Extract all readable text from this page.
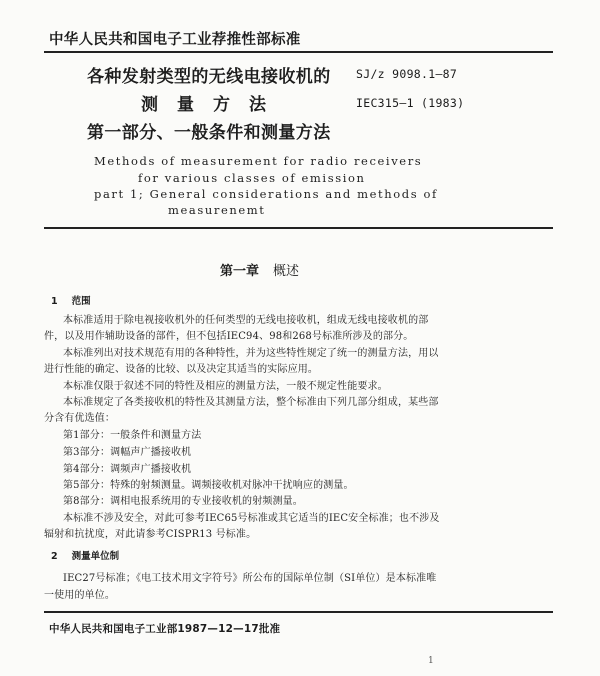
中华人民共和国电子工业荐推性部标准
各种发射类型的无线电接收机的
测量方法
第一部分、一般条件和测量方法
SJ/z 9098.1—87
IEC315—1 (1983)
Methods of measurement for radio receivers
for various classes of emission
part 1; General considerations and methods of
measurenemt
第一章 概述
1 范围
本标准适用于除电视接收机外的任何类型的无线电接收机，组成无线电接收机的部
件，以及用作辅助设备的部件，但不包括IEC94、98和268号标准所涉及的部分。
本标准列出对技术规范有用的各种特性，并为这些特性规定了统一的测量方法，用以
进行性能的确定、设备的比较、以及决定其适当的实际应用。
本标准仅限于叙述不同的特性及相应的测量方法，一般不规定性能要求。
本标准规定了各类接收机的特性及其测量方法，整个标准由下列几部分组成，某些部
分含有优选值：
第1部分：一般条件和测量方法
第3部分：调幅声广播接收机
第4部分：调频声广播接收机
第5部分：特殊的射频测量。调频接收机对脉冲干扰响应的测量。
第8部分：调相电报系统用的专业接收机的射频测量。
本标准不涉及安全，对此可参考IEC65号标准或其它适当的IEC安全标准；也不涉及
辐射和抗扰度，对此请参考CISPR13 号标准。
2 测量单位制
IEC27号标准；《电工技术用文字符号》所公布的国际单位制（SI单位）是本标准唯
一使用的单位。
中华人民共和国电子工业部1987—12—17批准
1
